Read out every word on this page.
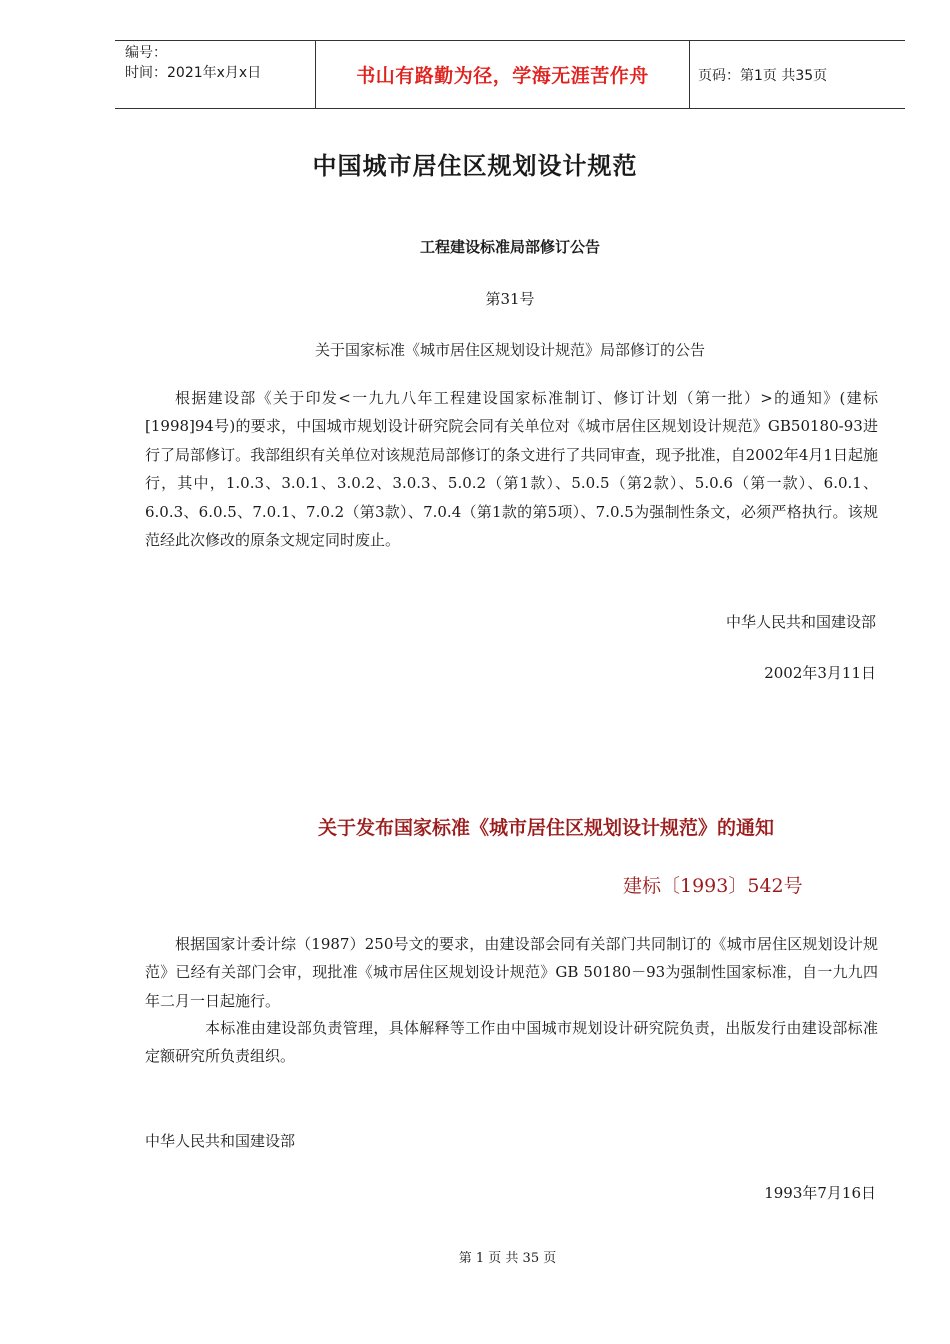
编号：
时间：2021年x月x日	书山有路勤为径，学海无涯苦作舟	页码：第1页 共35页
中国城市居住区规划设计规范
工程建设标准局部修订公告
第31号
关于国家标准《城市居住区规划设计规范》局部修订的公告
根据建设部《关于印发<一九九八年工程建设国家标准制订、修订计划（第一批）>的通知》(建标[1998]94号)的要求，中国城市规划设计研究院会同有关单位对《城市居住区规划设计规范》GB50180-93进行了局部修订。我部组织有关单位对该规范局部修订的条文进行了共同审查，现予批准，自2002年4月1日起施行，其中，1.0.3、3.0.1、3.0.2、3.0.3、5.0.2（第1款）、5.0.5（第2款）、5.0.6（第一款）、6.0.1、6.0.3、6.0.5、7.0.1、7.0.2（第3款）、7.0.4（第1款的第5项）、7.0.5为强制性条文，必须严格执行。该规范经此次修改的原条文规定同时废止。
中华人民共和国建设部
2002年3月11日
关于发布国家标准《城市居住区规划设计规范》的通知
建标〔1993〕542号
根据国家计委计综（1987）250号文的要求，由建设部会同有关部门共同制订的《城市居住区规划设计规范》已经有关部门会审，现批准《城市居住区规划设计规范》GB 50180－93为强制性国家标准，自一九九四年二月一日起施行。
本标准由建设部负责管理，具体解释等工作由中国城市规划设计研究院负责，出版发行由建设部标准定额研究所负责组织。
中华人民共和国建设部
1993年7月16日
第 1 页 共 35 页
